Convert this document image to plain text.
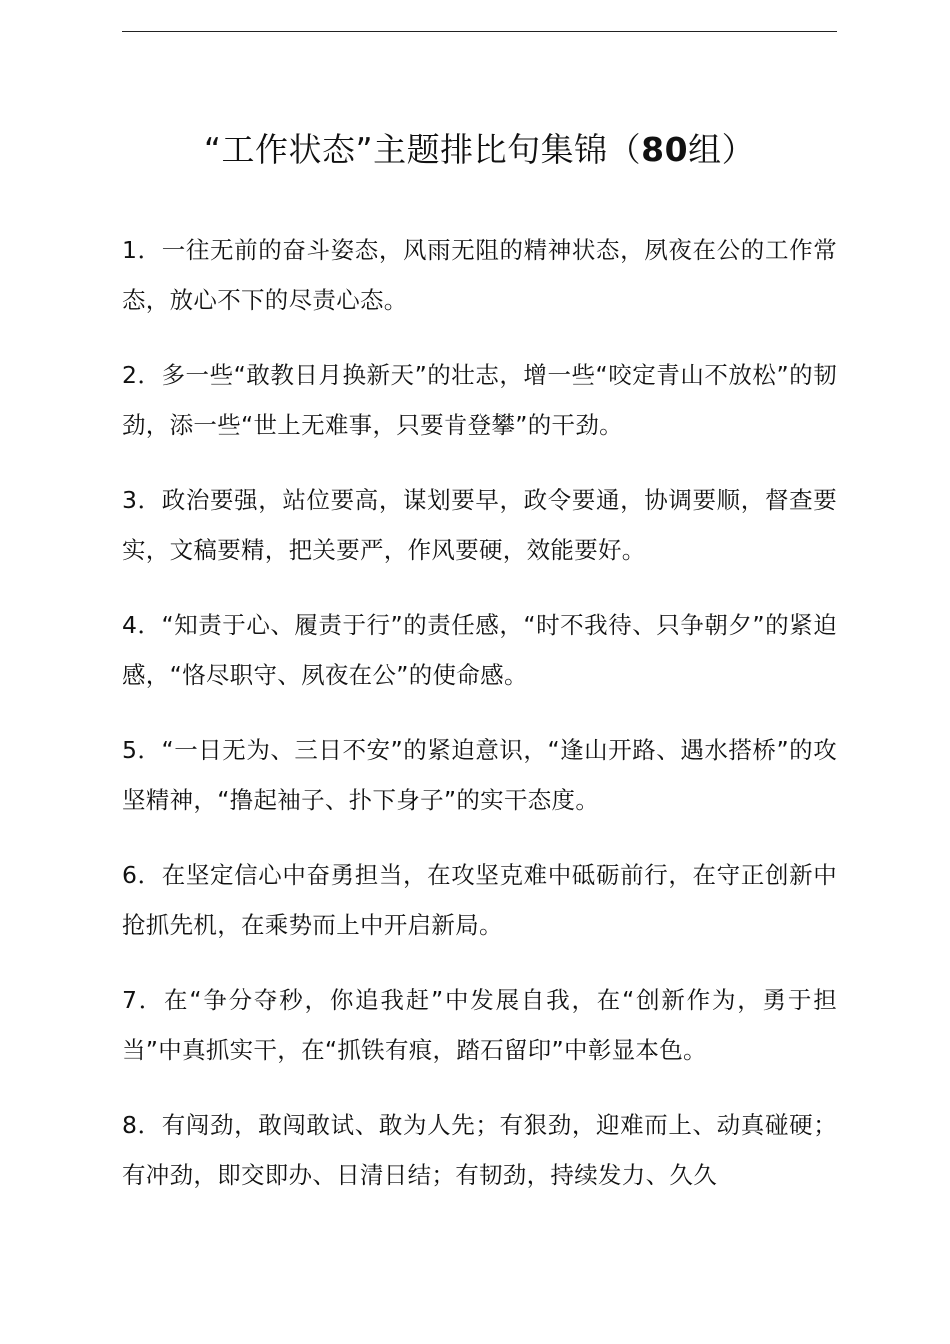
“工作状态”主题排比句集锦（80组）

1．一往无前的奋斗姿态，风雨无阻的精神状态，夙夜在公的工作常态，放心不下的尽责心态。

2．多一些“敢教日月换新天”的壮志，增一些“咬定青山不放松”的韧劲，添一些“世上无难事，只要肯登攀”的干劲。

3．政治要强，站位要高，谋划要早，政令要通，协调要顺，督查要实，文稿要精，把关要严，作风要硬，效能要好。

4．“知责于心、履责于行”的责任感，“时不我待、只争朝夕”的紧迫感，“恪尽职守、夙夜在公”的使命感。

5．“一日无为、三日不安”的紧迫意识，“逢山开路、遇水搭桥”的攻坚精神，“撸起袖子、扑下身子”的实干态度。

6．在坚定信心中奋勇担当，在攻坚克难中砥砺前行，在守正创新中抢抓先机，在乘势而上中开启新局。

7．在“争分夺秒，你追我赶”中发展自我，在“创新作为，勇于担当”中真抓实干，在“抓铁有痕，踏石留印”中彰显本色。

8．有闯劲，敢闯敢试、敢为人先；有狠劲，迎难而上、动真碰硬；有冲劲，即交即办、日清日结；有韧劲，持续发力、久久
